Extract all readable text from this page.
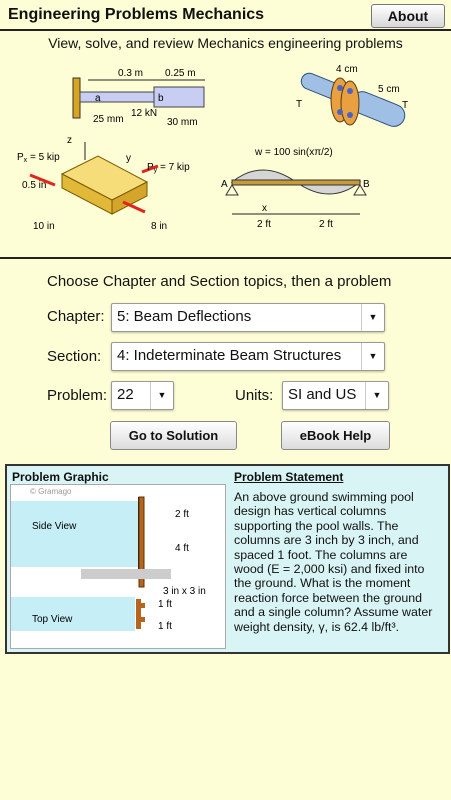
Engineering Problems Mechanics	About
View, solve, and review Mechanics engineering problems
0.3 m 0.25 m
a	b
25 mm
12 kN
30 mm
4 cm
5 cm
T	T
$P_x = 5$ kip
$P_y = 7$ kip
0.5 in
10 in	8 in
z
y
w = 100 sin(xπ/2)
A	B
x
2 ft	2 ft
Choose Chapter and Section topics, then a problem
Chapter: 5: Beam Deflections	▼
Section: 4: Indeterminate Beam Structures	▼
Problem: 22	▼	Units: SI and US	▼
Go to Solution	eBook Help
Problem Graphic	Problem Statement
© Gramago
Side View
Top View
2 ft
4 ft
3 in x 3 in
1 ft
1 ft
An above ground swimming pool design has vertical columns supporting the pool walls. The columns are 3 inch by 3 inch, and spaced 1 foot. The columns are wood (E = 2,000 ksi) and fixed into the ground. What is the moment reaction force between the ground and a single column? Assume water weight density, γ, is 62.4 lb/ft³.
